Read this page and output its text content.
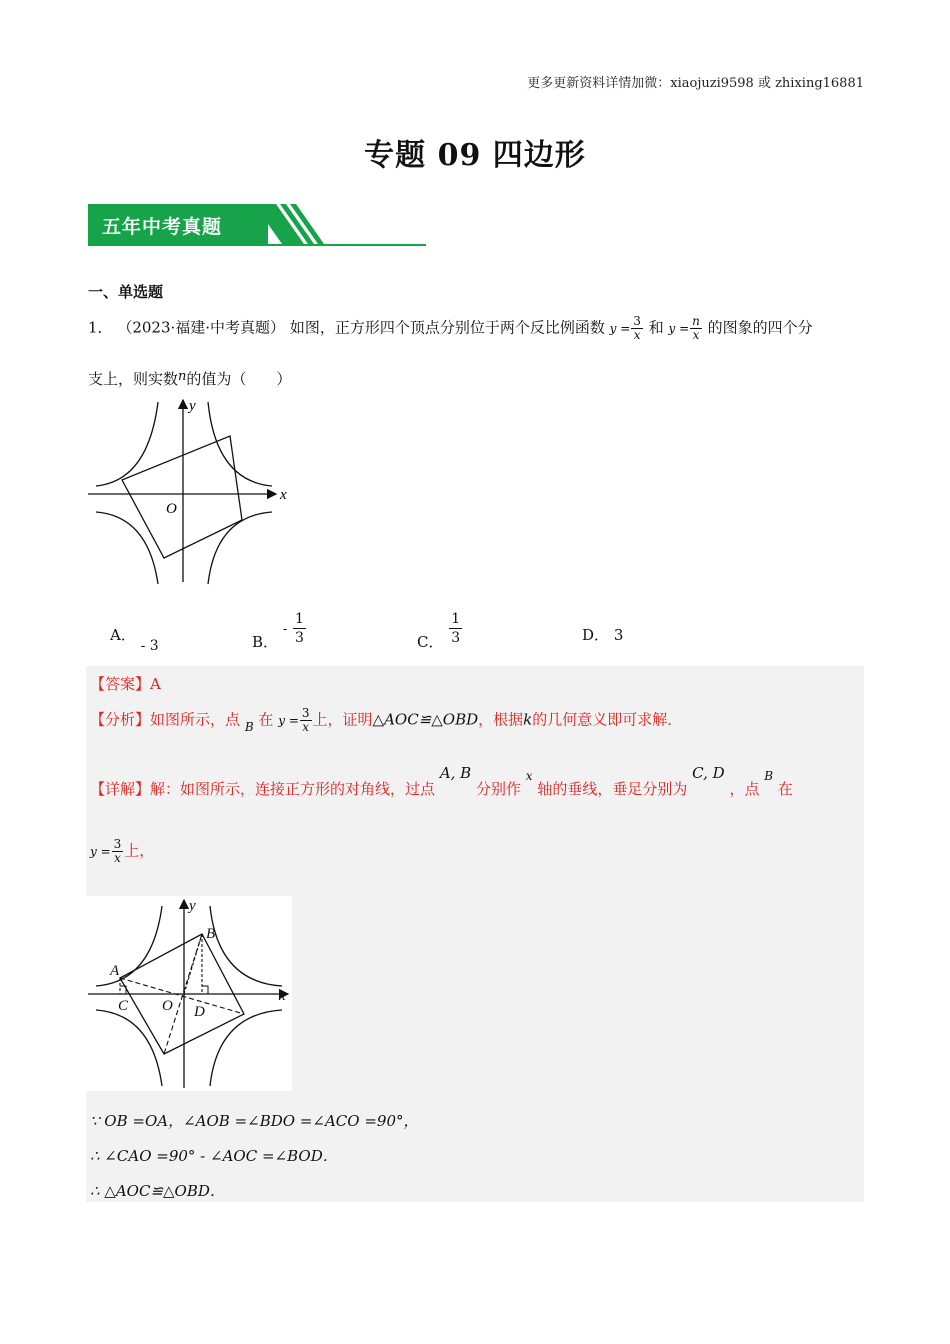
更多更新资料详情加微：xiaojuzi9598 或 zhixing16881
专题 09 四边形
五年中考真题
一、单选题
1． （2023·福建·中考真题） 如图，正方形四个顶点分别位于两个反比例函数 $y = \frac{3}{x}$ 和 $y = \frac{n}{x}$ 的图象的四个分
支上，则实数n的值为（　　）
x
y
O
A． - 3	B． - $\frac{1}{3}$	C． $\frac{1}{3}$	D． 3
【答案】A
【分析】如图所示，点 $_B$ 在 $y = \frac{3}{x}$ 上，证明△AOC≌△OBD，根据k的几何意义即可求解．
【详解】解：如图所示，连接正方形的对角线，过点 A, B 分别作 $^x$ 轴的垂线，垂足分别为 C, D ，点 $^B$ 在
$y = \frac{3}{x}$ 上，
x
y
A
B
C	D
O
∵ OB =OA，∠AOB =∠BDO =∠ACO =90°，
∴ ∠CAO =90° - ∠AOC =∠BOD．
∴ △AOC≌△OBD．
